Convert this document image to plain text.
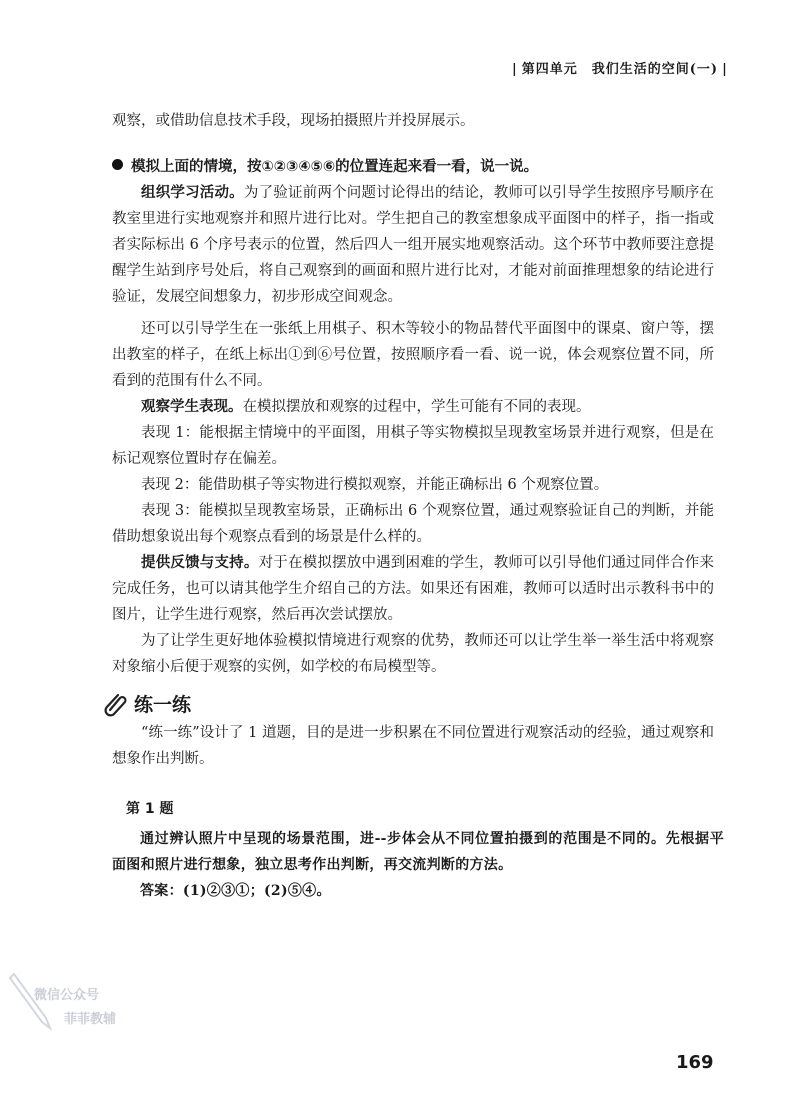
| 第四单元 我们生活的空间(一) |

观察，或借助信息技术手段，现场拍摄照片并投屏展示。

模拟上面的情境，按①②③④⑤⑥的位置连起来看一看，说一说。

组织学习活动。为了验证前两个问题讨论得出的结论，教师可以引导学生按照序号顺序在教室里进行实地观察并和照片进行比对。学生把自己的教室想象成平面图中的样子，指一指或者实际标出 6 个序号表示的位置，然后四人一组开展实地观察活动。这个环节中教师要注意提醒学生站到序号处后，将自己观察到的画面和照片进行比对，才能对前面推理想象的结论进行验证，发展空间想象力，初步形成空间观念。

还可以引导学生在一张纸上用棋子、积木等较小的物品替代平面图中的课桌、窗户等，摆出教室的样子，在纸上标出①到⑥号位置，按照顺序看一看、说一说，体会观察位置不同，所看到的范围有什么不同。

观察学生表现。在模拟摆放和观察的过程中，学生可能有不同的表现。

表现 1：能根据主情境中的平面图，用棋子等实物模拟呈现教室场景并进行观察，但是在标记观察位置时存在偏差。

表现 2：能借助棋子等实物进行模拟观察，并能正确标出 6 个观察位置。

表现 3：能模拟呈现教室场景，正确标出 6 个观察位置，通过观察验证自己的判断，并能借助想象说出每个观察点看到的场景是什么样的。

提供反馈与支持。对于在模拟摆放中遇到困难的学生，教师可以引导他们通过同伴合作来完成任务，也可以请其他学生介绍自己的方法。如果还有困难，教师可以适时出示教科书中的图片，让学生进行观察，然后再次尝试摆放。

为了让学生更好地体验模拟情境进行观察的优势，教师还可以让学生举一举生活中将观察对象缩小后便于观察的实例，如学校的布局模型等。

练一练

“练一练”设计了 1 道题，目的是进一步积累在不同位置进行观察活动的经验，通过观察和想象作出判断。

第 1 题

通过辨认照片中呈现的场景范围，进--步体会从不同位置拍摄到的范围是不同的。先根据平面图和照片进行想象，独立思考作出判断，再交流判断的方法。

答案：(1)②③①；(2)⑤④。

微信公众号
菲菲教辅
169
